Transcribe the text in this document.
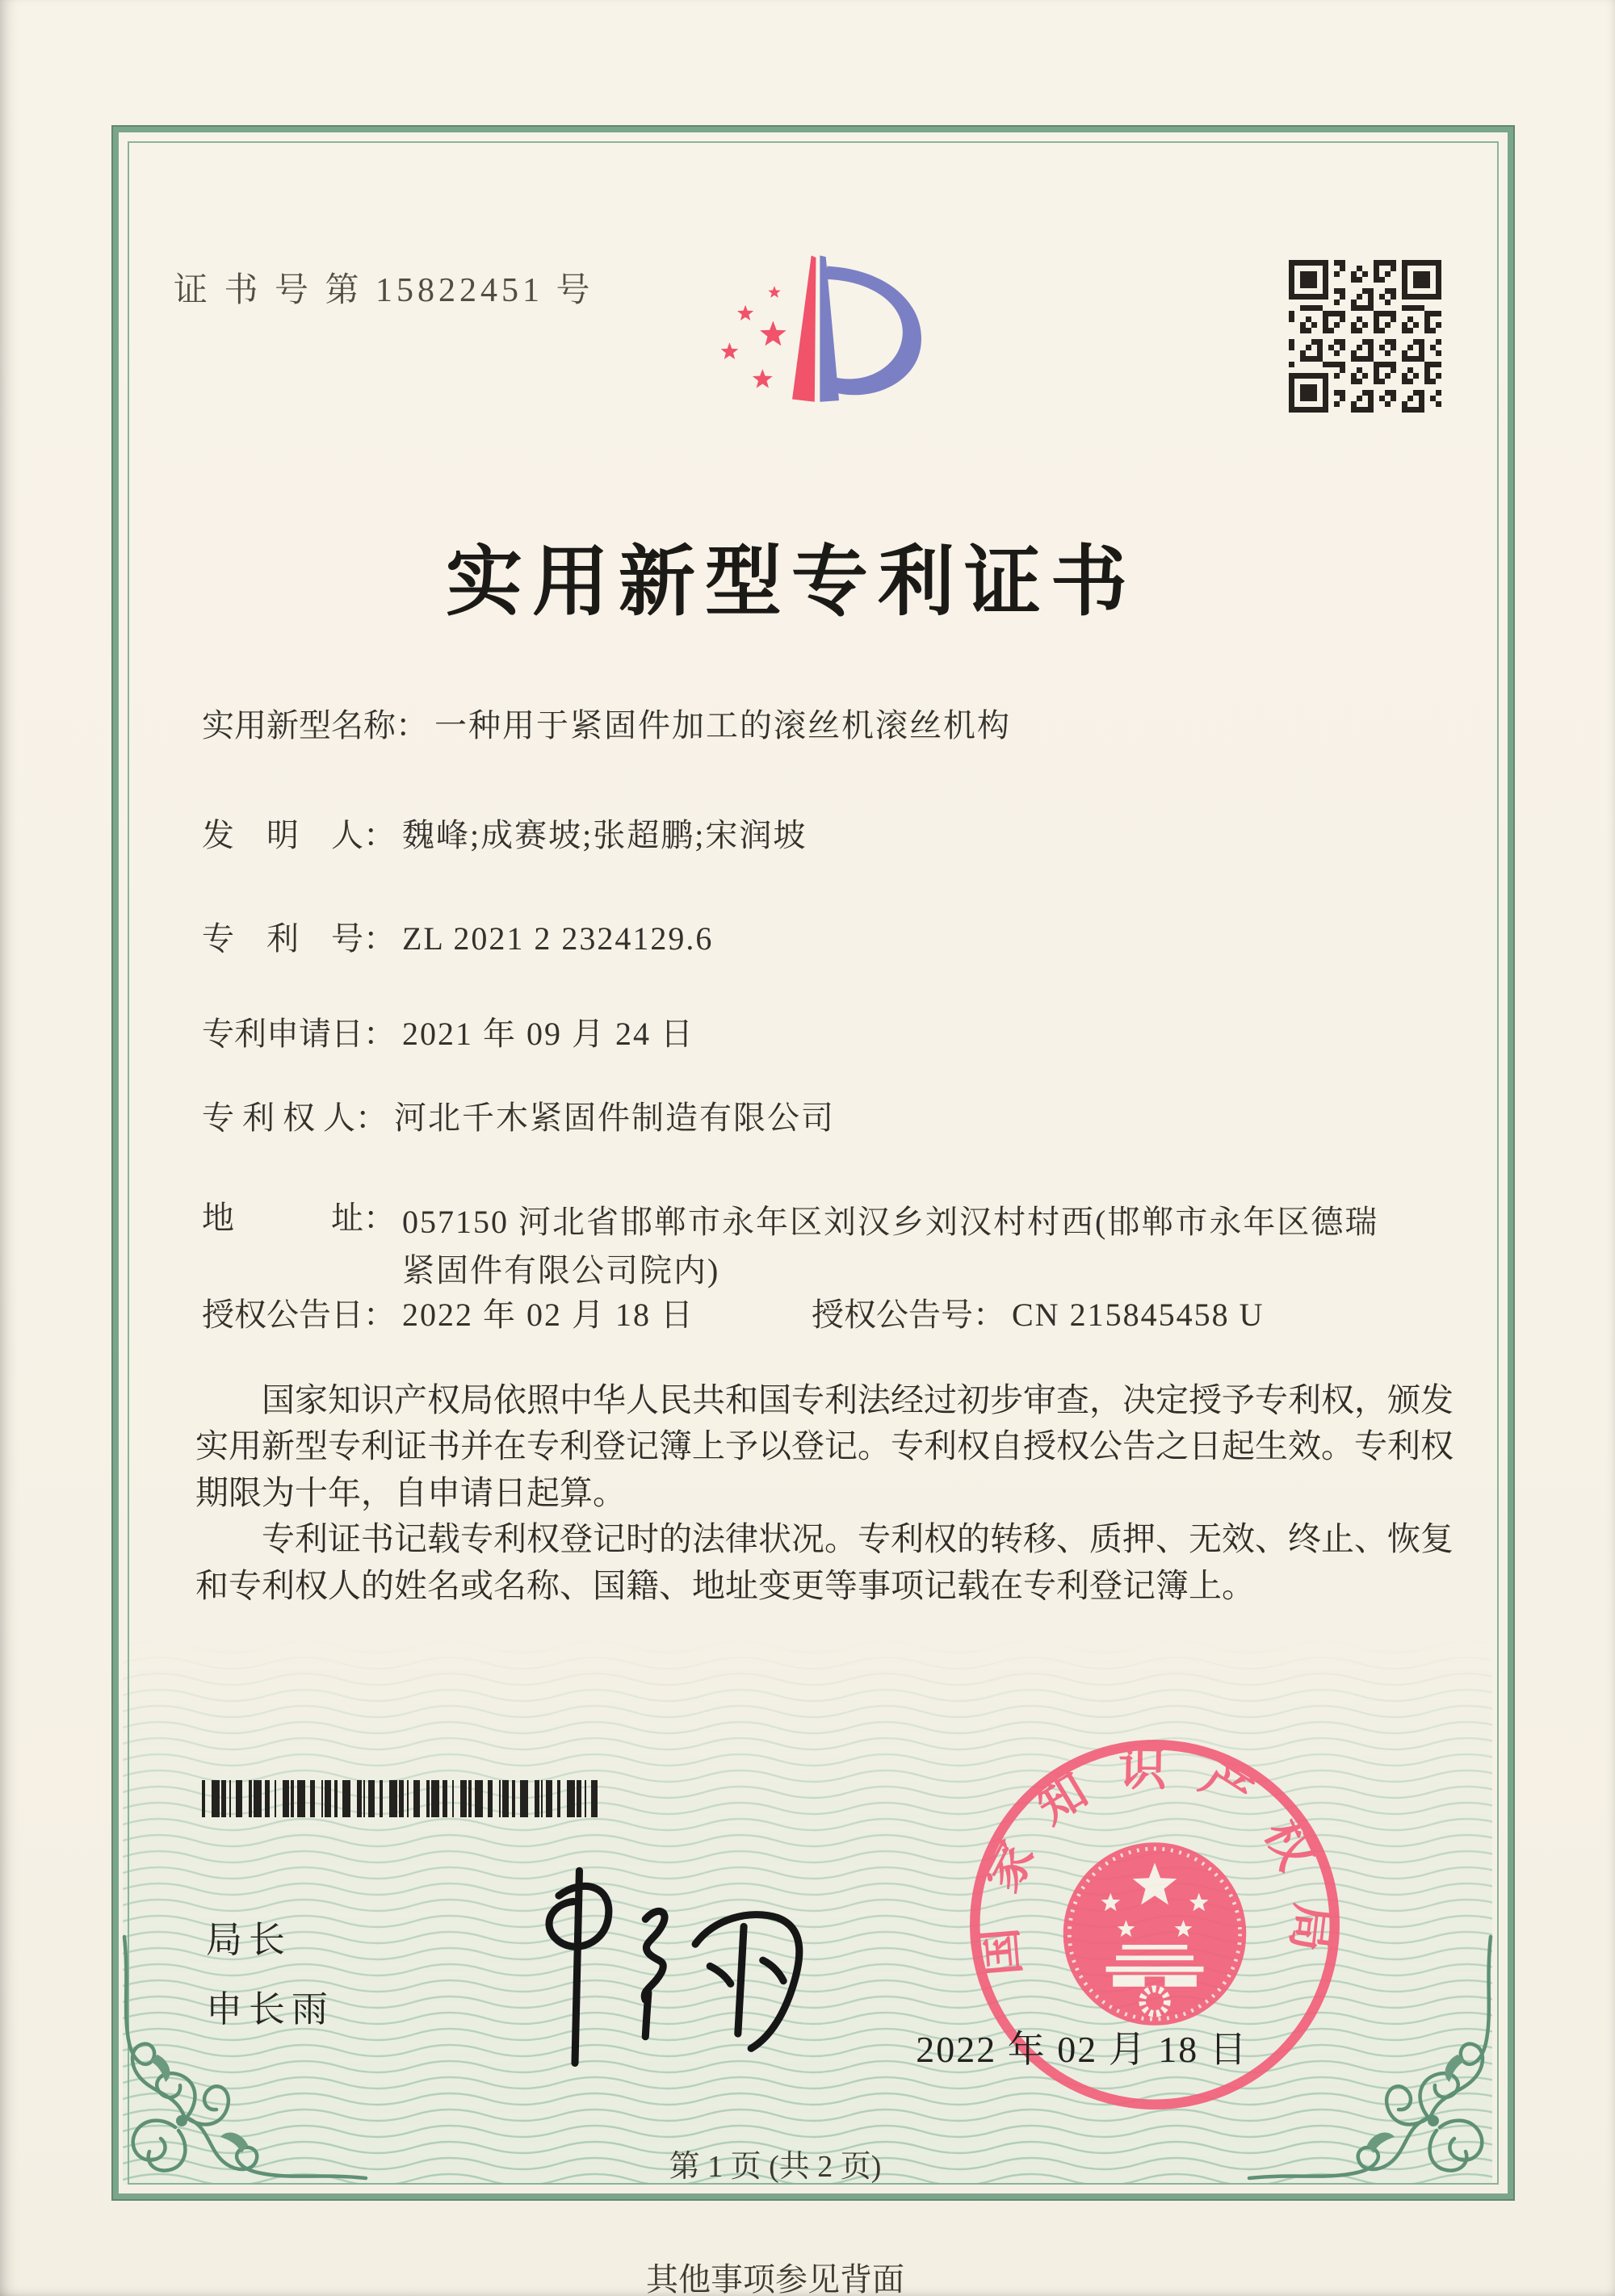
证 书 号 第 15822451 号
实用新型专利证书
实用新型名称： 一种用于紧固件加工的滚丝机滚丝机构
发　明　人： 魏峰;成赛坡;张超鹏;宋润坡
专　利　号： ZL 2021 2 2324129.6
专利申请日： 2021 年 09 月 24 日
专 利 权 人： 河北千木紧固件制造有限公司
地　　　址： 057150 河北省邯郸市永年区刘汉乡刘汉村村西(邯郸市永年区德瑞紧固件有限公司院内)
授权公告日： 2022 年 02 月 18 日	授权公告号： CN 215845458 U

国家知识产权局依照中华人民共和国专利法经过初步审查，决定授予专利权，颁发实用新型专利证书并在专利登记簿上予以登记。专利权自授权公告之日起生效。专利权期限为十年，自申请日起算。

专利证书记载专利权登记时的法律状况。专利权的转移、质押、无效、终止、恢复和专利权人的姓名或名称、国籍、地址变更等事项记载在专利登记簿上。

局长
申长雨
国家知识产权局
2022 年 02 月 18 日
第 1 页 (共 2 页)
其他事项参见背面
